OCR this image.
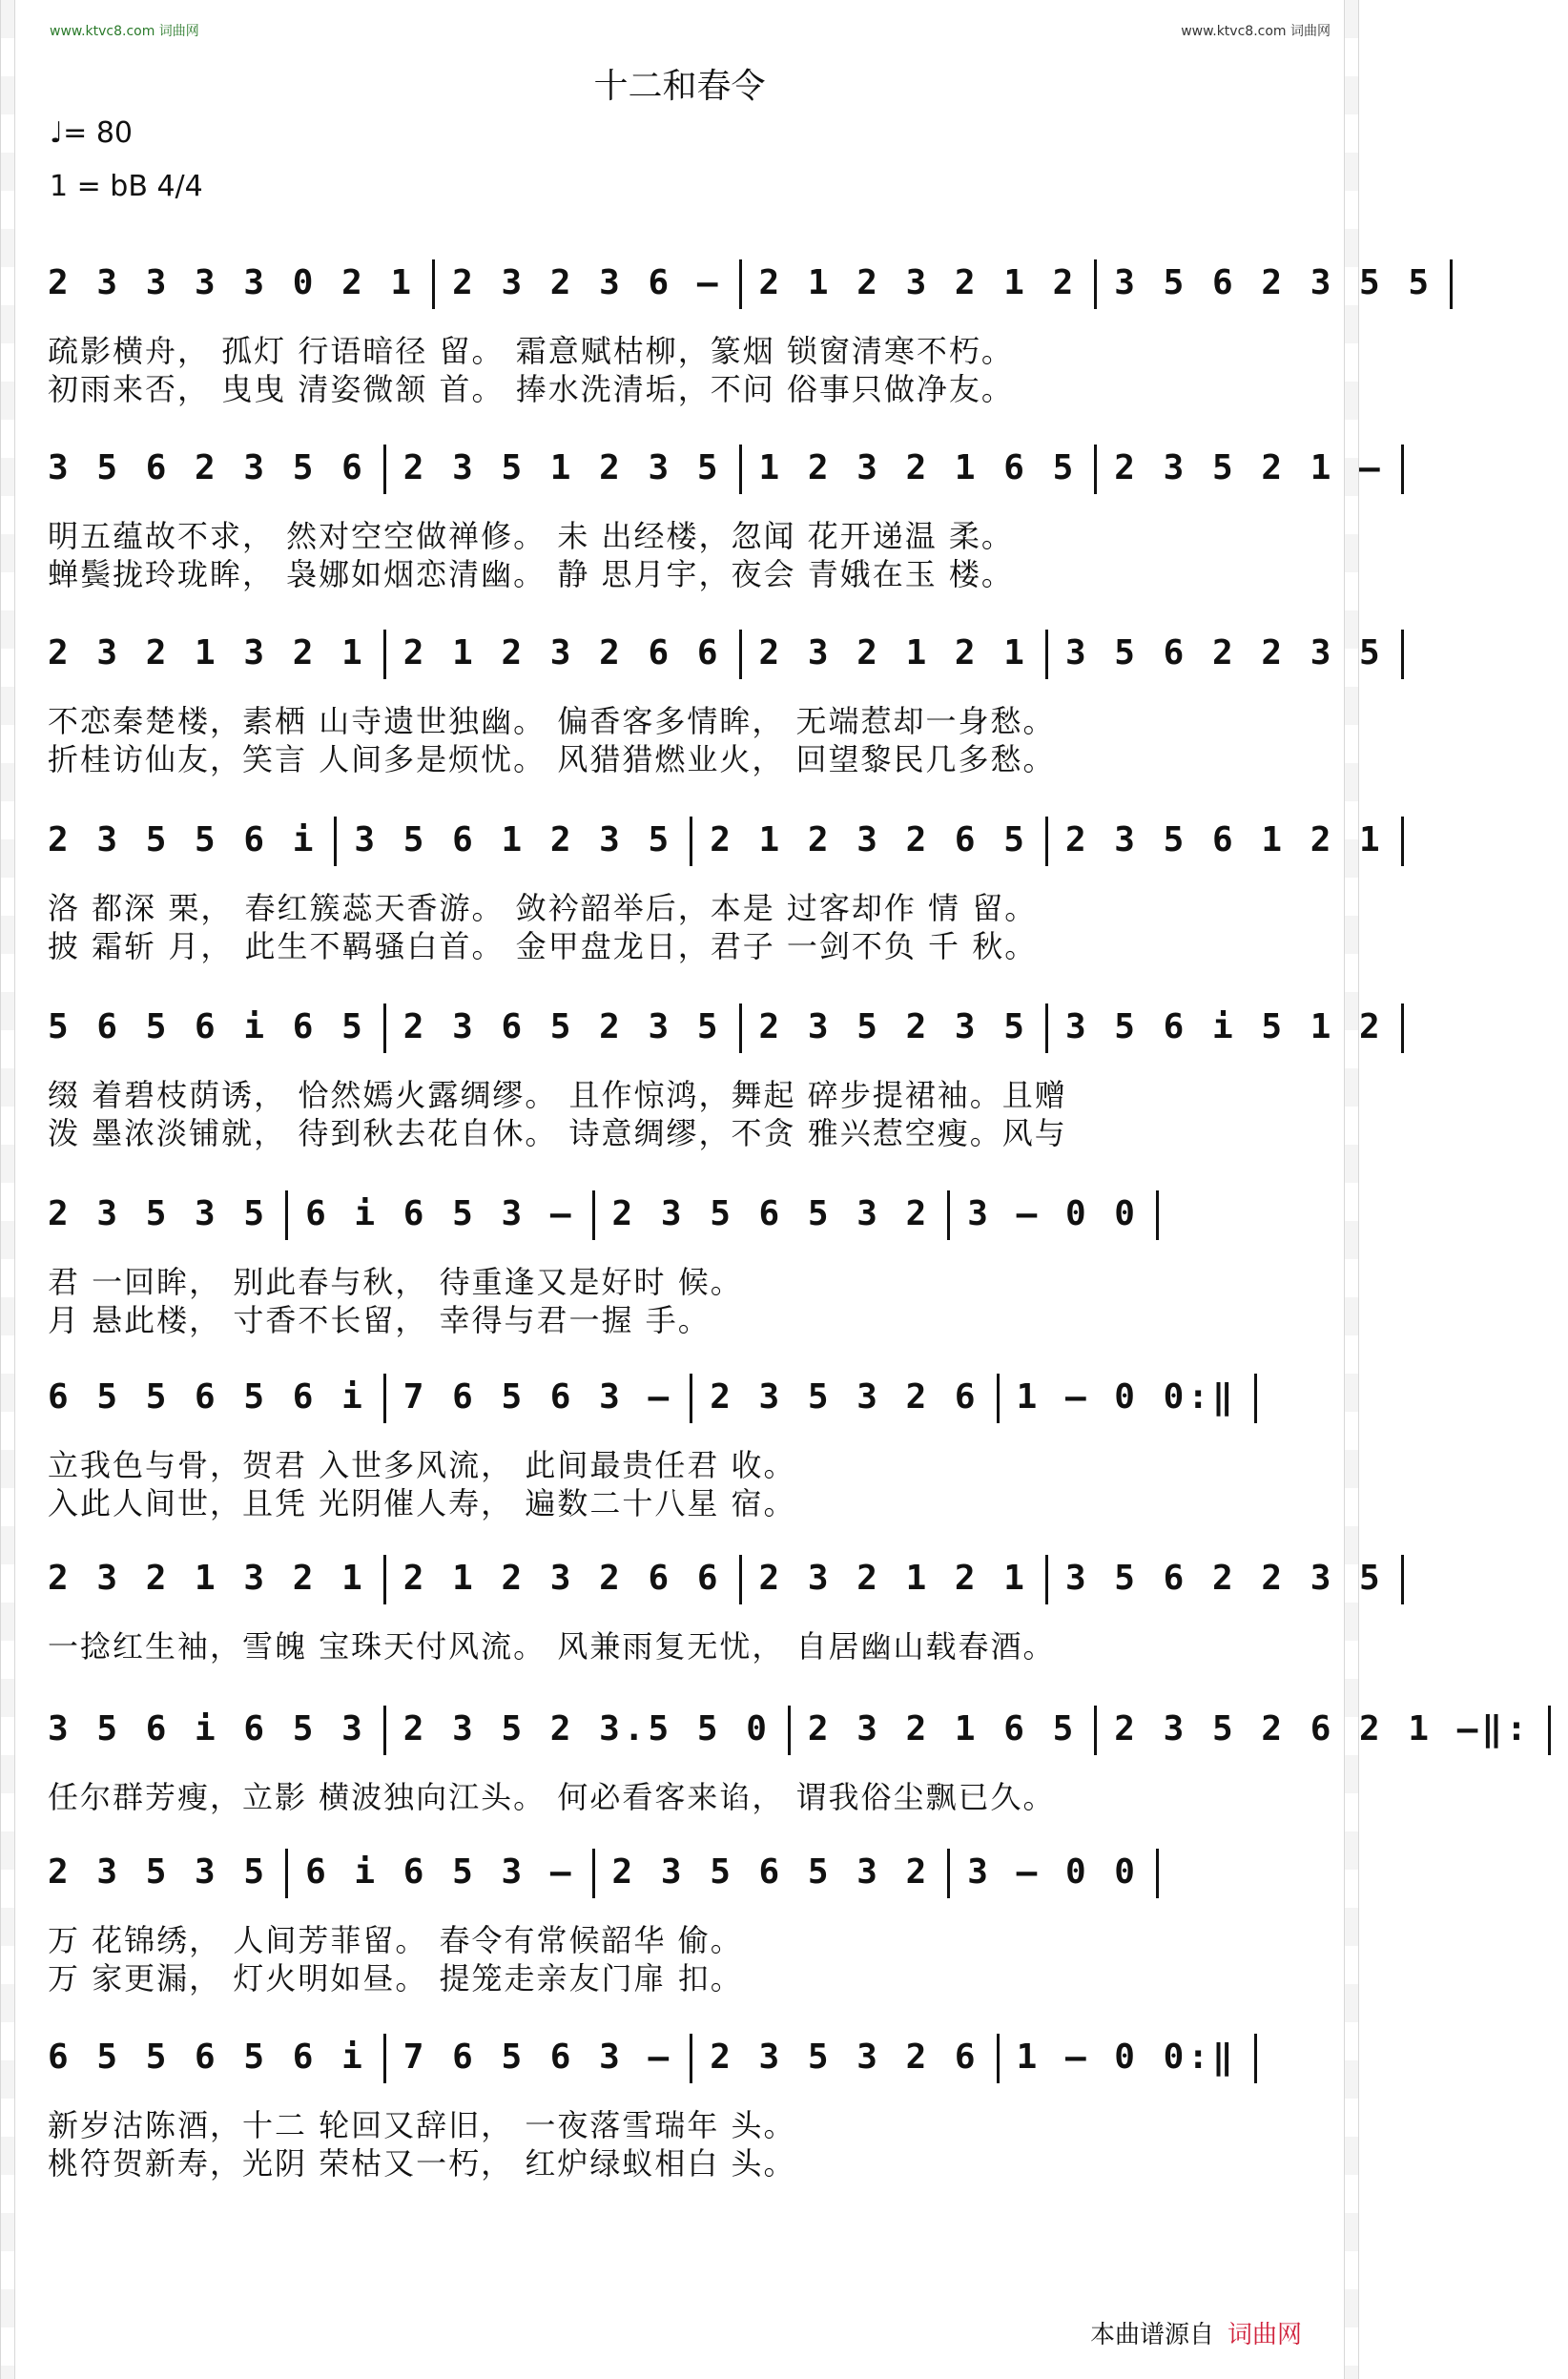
www.ktvc8.com 词曲网	www.ktvc8.com 词曲网
十二和春令
♩= 80
1 = bB 4/4
2 3 3 3 3 0 2 1 2 3 2 3 6 – 2 1 2 3 2 1 2 3 5 6 2 3 5 5
疏影横舟， 孤灯 行语暗径 留。 霜意赋枯柳，篆烟 锁窗清寒不朽。
初雨来否， 曳曳 清姿微颔 首。 捧水洗清垢，不问 俗事只做净友。
3 5 6 2 3 5 6 2 3 5 1 2 3 5 1 2 3 2 1 6 5 2 3 5 2 1 –
明五蕴故不求， 然对空空做禅修。 未 出经楼，忽闻 花开递温 柔。
蝉鬓拢玲珑眸， 袅娜如烟恋清幽。 静 思月宇，夜会 青娥在玉 楼。
2 3 2 1 3 2 1 2 1 2 3 2 6 6 2 3 2 1 2 1 3 5 6 2 2 3 5
不恋秦楚楼，素栖 山寺遗世独幽。 偏香客多情眸， 无端惹却一身愁。
折桂访仙友，笑言 人间多是烦忧。 风猎猎燃业火， 回望黎民几多愁。
2 3 5 5 6 i 3 5 6 1 2 3 5 2 1 2 3 2 6 5 2 3 5 6 1 2 1
洛 都深 栗， 春红簇蕊天香游。 敛衿韶举后，本是 过客却作 情 留。
披 霜斩 月， 此生不羁骚白首。 金甲盘龙日，君子 一剑不负 千 秋。
5 6 5 6 i 6 5 2 3 6 5 2 3 5 2 3 5 2 3 5 3 5 6 i 5 1 2
缀 着碧枝荫诱， 恰然嫣火露绸缪。 且作惊鸿，舞起 碎步提裙袖。且赠
泼 墨浓淡铺就， 待到秋去花自休。 诗意绸缪，不贪 雅兴惹空瘦。风与
2 3 5 3 5 6 i 6 5 3 – 2 3 5 6 5 3 2 3 – 0 0
君 一回眸， 别此春与秋， 待重逢又是好时 候。
月 悬此楼， 寸香不长留， 幸得与君一握 手。
6 5 5 6 5 6 i 7 6 5 6 3 – 2 3 5 3 2 6 1 – 0 0:‖
立我色与骨，贺君 入世多风流， 此间最贵任君 收。
入此人间世，且凭 光阴催人寿， 遍数二十八星 宿。
2 3 2 1 3 2 1 2 1 2 3 2 6 6 2 3 2 1 2 1 3 5 6 2 2 3 5
一捻红生袖，雪魄 宝珠天付风流。 风兼雨复无忧， 自居幽山载春酒。
3 5 6 i 6 5 3 2 3 5 2 3.5 5 0 2 3 2 1 6 5 2 3 5 2 6 2 1 –‖:
任尔群芳瘦，立影 横波独向江头。 何必看客来谄， 谓我俗尘飘已久。
2 3 5 3 5 6 i 6 5 3 – 2 3 5 6 5 3 2 3 – 0 0
万 花锦绣， 人间芳菲留。 春令有常候韶华 偷。
万 家更漏， 灯火明如昼。 提笼走亲友门扉 扣。
6 5 5 6 5 6 i 7 6 5 6 3 – 2 3 5 3 2 6 1 – 0 0:‖
新岁沽陈酒，十二 轮回又辞旧， 一夜落雪瑞年 头。
桃符贺新寿，光阴 荣枯又一朽， 红炉绿蚁相白 头。
本曲谱源自 词曲网
